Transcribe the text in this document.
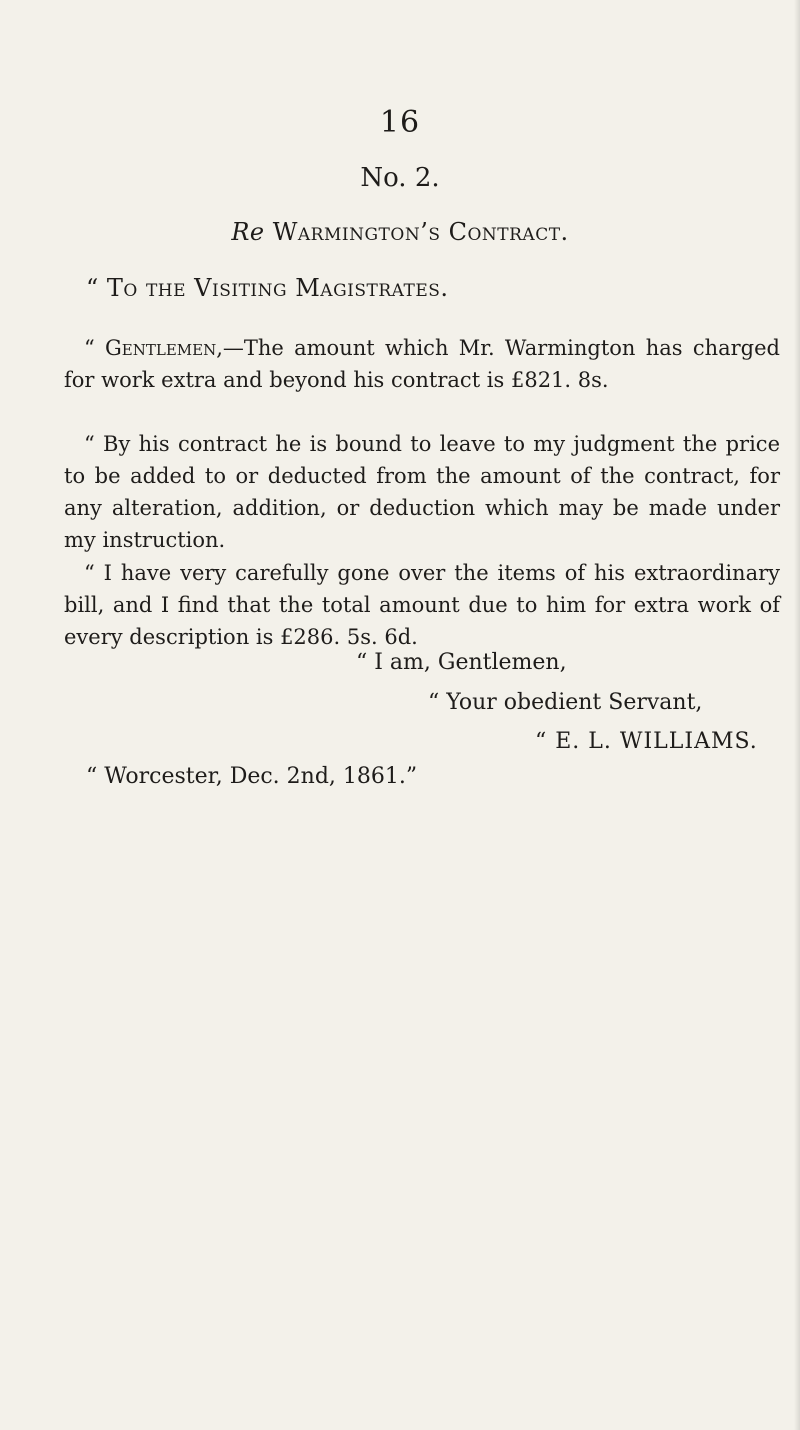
16
No. 2.
Re Warmington’s Contract.
“ To the Visiting Magistrates.

“ Gentlemen,—The amount which Mr. Warmington has charged for work extra and beyond his contract is £821. 8s.

“ By his contract he is bound to leave to my judgment the price to be added to or deducted from the amount of the contract, for any alteration, addition, or deduction which may be made under my instruction.

“ I have very carefully gone over the items of his extraordinary bill, and I find that the total amount due to him for extra work of every description is £286. 5s. 6d.

“ I am, Gentlemen,
“ Your obedient Servant,
“ E. L. WILLIAMS.
“ Worcester, Dec. 2nd, 1861.”
